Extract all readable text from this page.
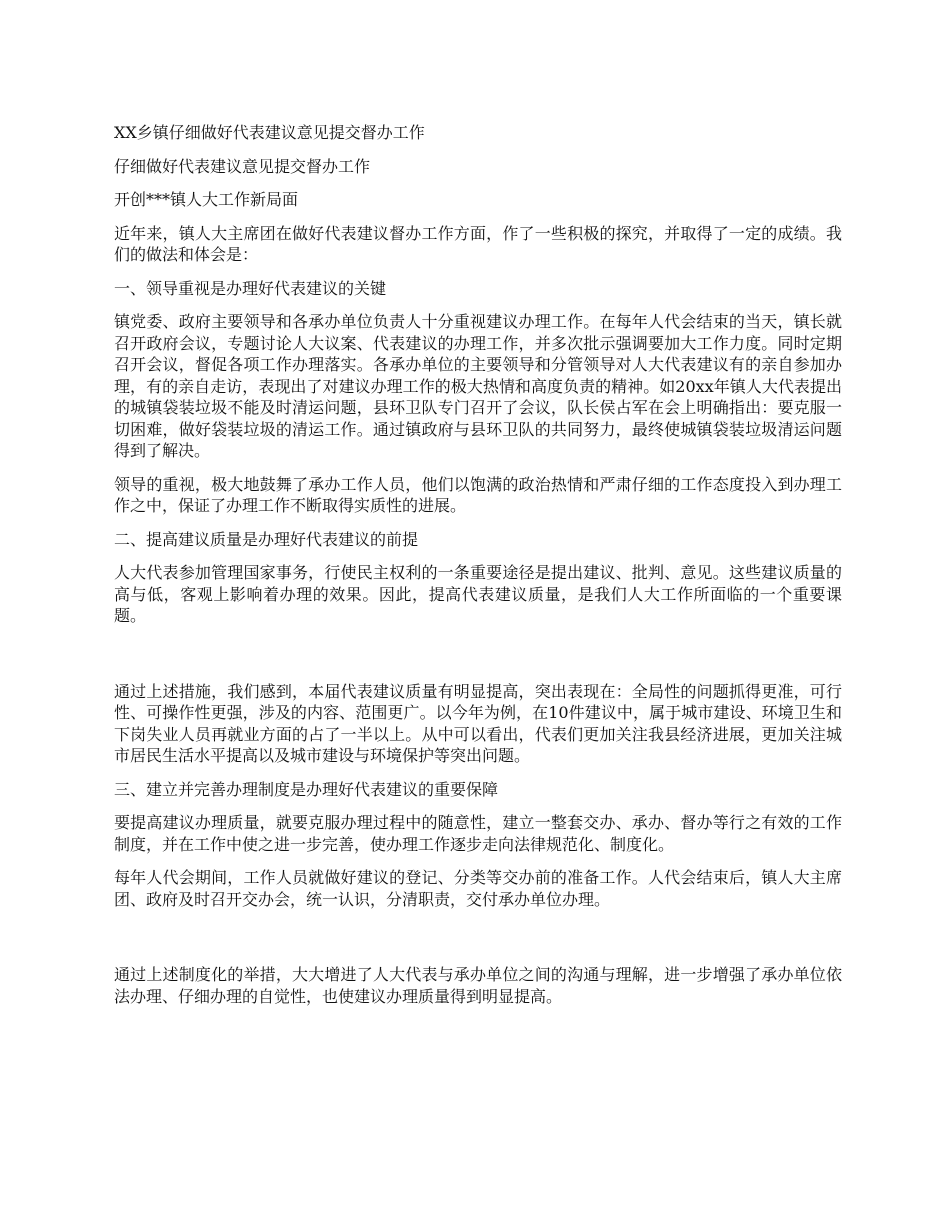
XX乡镇仔细做好代表建议意见提交督办工作

仔细做好代表建议意见提交督办工作

开创***镇人大工作新局面

近年来，镇人大主席团在做好代表建议督办工作方面，作了一些积极的探究，并取得了一定的成绩。我们的做法和体会是：

一、领导重视是办理好代表建议的关键

镇党委、政府主要领导和各承办单位负责人十分重视建议办理工作。在每年人代会结束的当天，镇长就召开政府会议，专题讨论人大议案、代表建议的办理工作，并多次批示强调要加大工作力度。同时定期召开会议，督促各项工作办理落实。各承办单位的主要领导和分管领导对人大代表建议有的亲自参加办理，有的亲自走访，表现出了对建议办理工作的极大热情和高度负责的精神。如20xx年镇人大代表提出的城镇袋装垃圾不能及时清运问题，县环卫队专门召开了会议，队长侯占军在会上明确指出：要克服一切困难，做好袋装垃圾的清运工作。通过镇政府与县环卫队的共同努力，最终使城镇袋装垃圾清运问题得到了解决。

领导的重视，极大地鼓舞了承办工作人员，他们以饱满的政治热情和严肃仔细的工作态度投入到办理工作之中，保证了办理工作不断取得实质性的进展。

二、提高建议质量是办理好代表建议的前提

人大代表参加管理国家事务，行使民主权利的一条重要途径是提出建议、批判、意见。这些建议质量的高与低，客观上影响着办理的效果。因此，提高代表建议质量，是我们人大工作所面临的一个重要课题。

通过上述措施，我们感到，本届代表建议质量有明显提高，突出表现在：全局性的问题抓得更准，可行性、可操作性更强，涉及的内容、范围更广。以今年为例，在10件建议中，属于城市建设、环境卫生和下岗失业人员再就业方面的占了一半以上。从中可以看出，代表们更加关注我县经济进展，更加关注城市居民生活水平提高以及城市建设与环境保护等突出问题。

三、建立并完善办理制度是办理好代表建议的重要保障

要提高建议办理质量，就要克服办理过程中的随意性，建立一整套交办、承办、督办等行之有效的工作制度，并在工作中使之进一步完善，使办理工作逐步走向法律规范化、制度化。

每年人代会期间，工作人员就做好建议的登记、分类等交办前的准备工作。人代会结束后，镇人大主席团、政府及时召开交办会，统一认识，分清职责，交付承办单位办理。

通过上述制度化的举措，大大增进了人大代表与承办单位之间的沟通与理解，进一步增强了承办单位依法办理、仔细办理的自觉性，也使建议办理质量得到明显提高。
